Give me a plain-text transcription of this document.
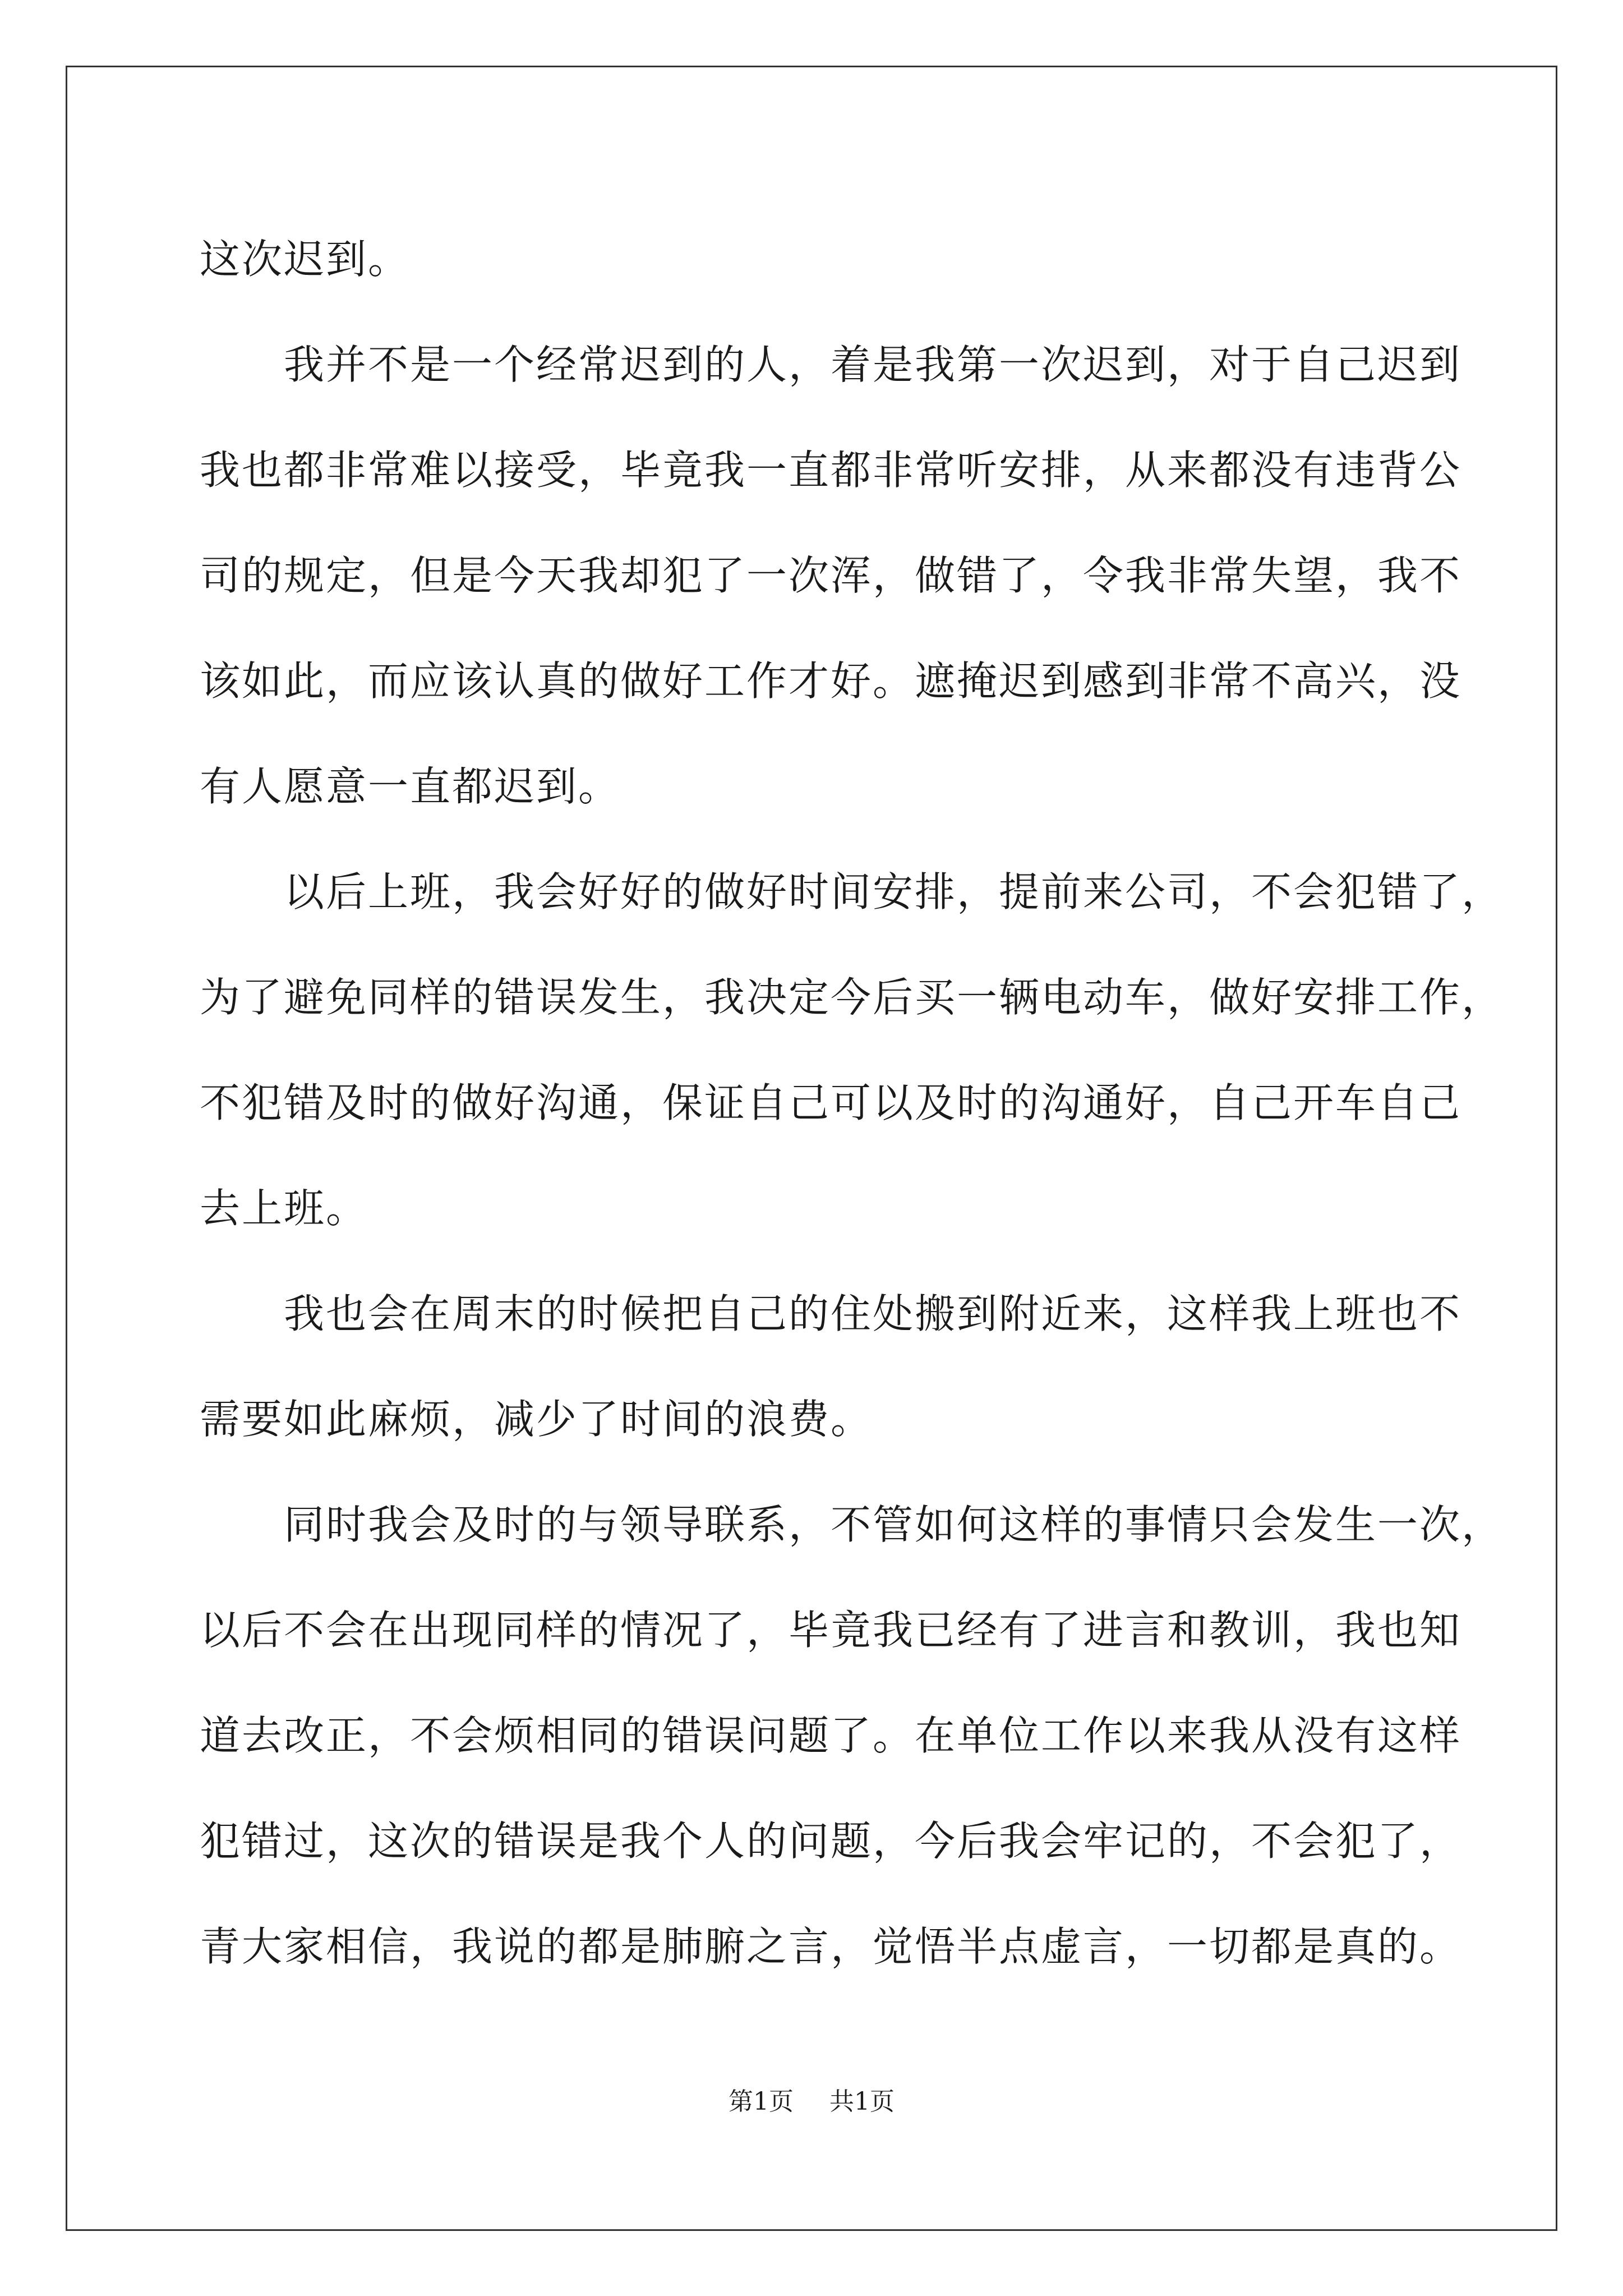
这次迟到。
我并不是一个经常迟到的人，着是我第一次迟到，对于自己迟到
我也都非常难以接受，毕竟我一直都非常听安排，从来都没有违背公
司的规定，但是今天我却犯了一次浑，做错了，令我非常失望，我不
该如此，而应该认真的做好工作才好。遮掩迟到感到非常不高兴，没
有人愿意一直都迟到。
以后上班，我会好好的做好时间安排，提前来公司，不会犯错了，
为了避免同样的错误发生，我决定今后买一辆电动车，做好安排工作，
不犯错及时的做好沟通，保证自己可以及时的沟通好，自己开车自己
去上班。
我也会在周末的时候把自己的住处搬到附近来，这样我上班也不
需要如此麻烦，减少了时间的浪费。
同时我会及时的与领导联系，不管如何这样的事情只会发生一次，
以后不会在出现同样的情况了，毕竟我已经有了进言和教训，我也知
道去改正，不会烦相同的错误问题了。在单位工作以来我从没有这样
犯错过，这次的错误是我个人的问题，今后我会牢记的，不会犯了，
青大家相信，我说的都是肺腑之言，觉悟半点虚言，一切都是真的。
第1页 共1页
